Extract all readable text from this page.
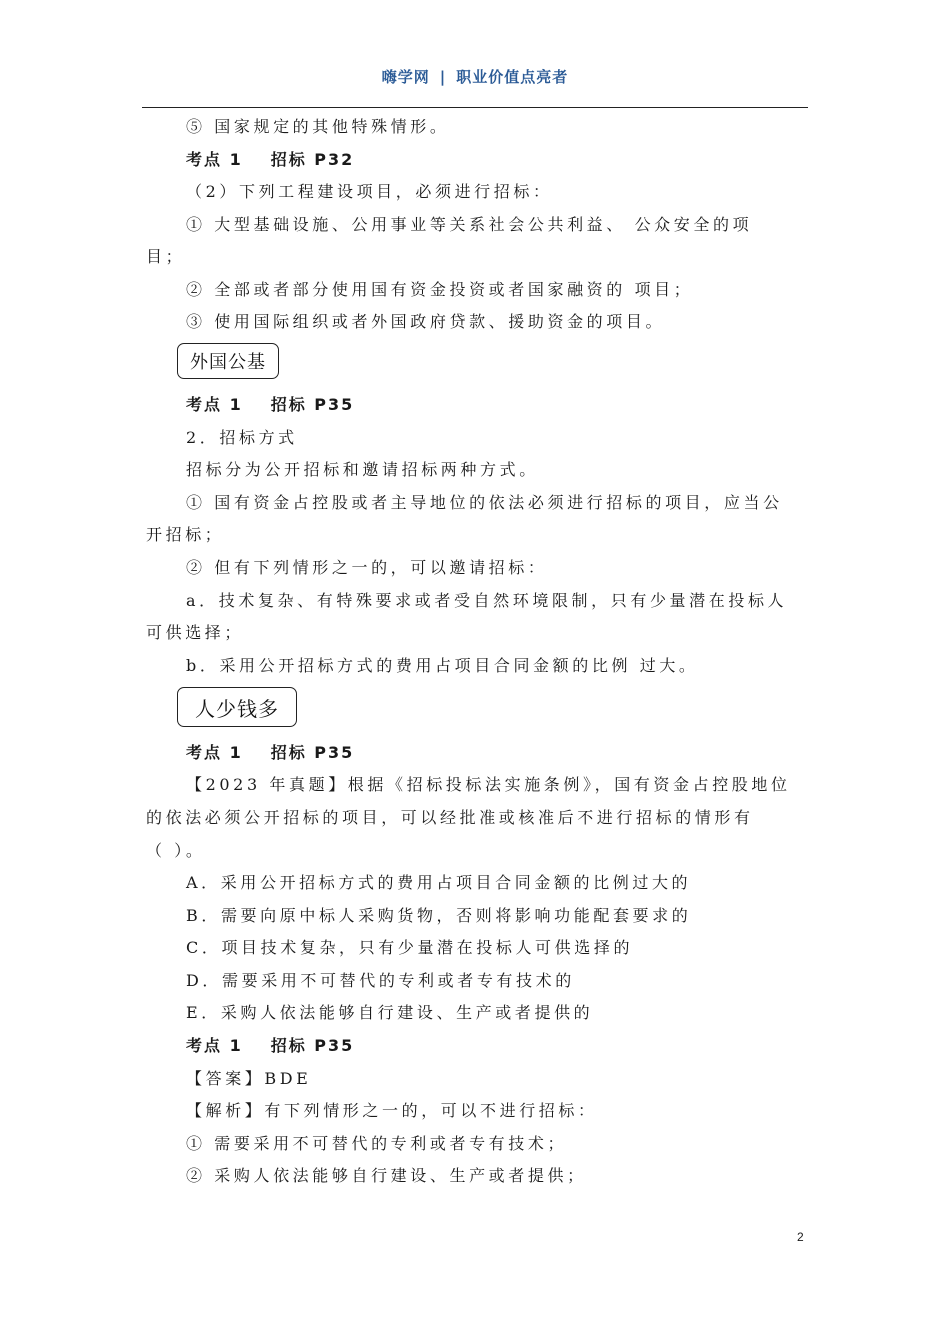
嗨学网 | 职业价值点亮者
⑤ 国家规定的其他特殊情形。
考点 1 招标 P32
（2）下列工程建设项目，必须进行招标：
① 大型基础设施、公用事业等关系社会公共利益、 公众安全的项
目；
② 全部或者部分使用国有资金投资或者国家融资的 项目；
③ 使用国际组织或者外国政府贷款、援助资金的项目。
外国公基
考点 1 招标 P35
2．招标方式
招标分为公开招标和邀请招标两种方式。
① 国有资金占控股或者主导地位的依法必须进行招标的项目，应当公
开招标；
② 但有下列情形之一的，可以邀请招标：
a．技术复杂、有特殊要求或者受自然环境限制，只有少量潜在投标人
可供选择；
b．采用公开招标方式的费用占项目合同金额的比例 过大。
人少钱多
考点 1 招标 P35
【2023 年真题】根据《招标投标法实施条例》，国有资金占控股地位
的依法必须公开招标的项目，可以经批准或核准后不进行招标的情形有
（ ）。
A．采用公开招标方式的费用占项目合同金额的比例过大的
B．需要向原中标人采购货物，否则将影响功能配套要求的
C．项目技术复杂，只有少量潜在投标人可供选择的
D．需要采用不可替代的专利或者专有技术的
E．采购人依法能够自行建设、生产或者提供的
考点 1 招标 P35
【答案】BDE
【解析】有下列情形之一的，可以不进行招标：
① 需要采用不可替代的专利或者专有技术；
② 采购人依法能够自行建设、生产或者提供；
2
